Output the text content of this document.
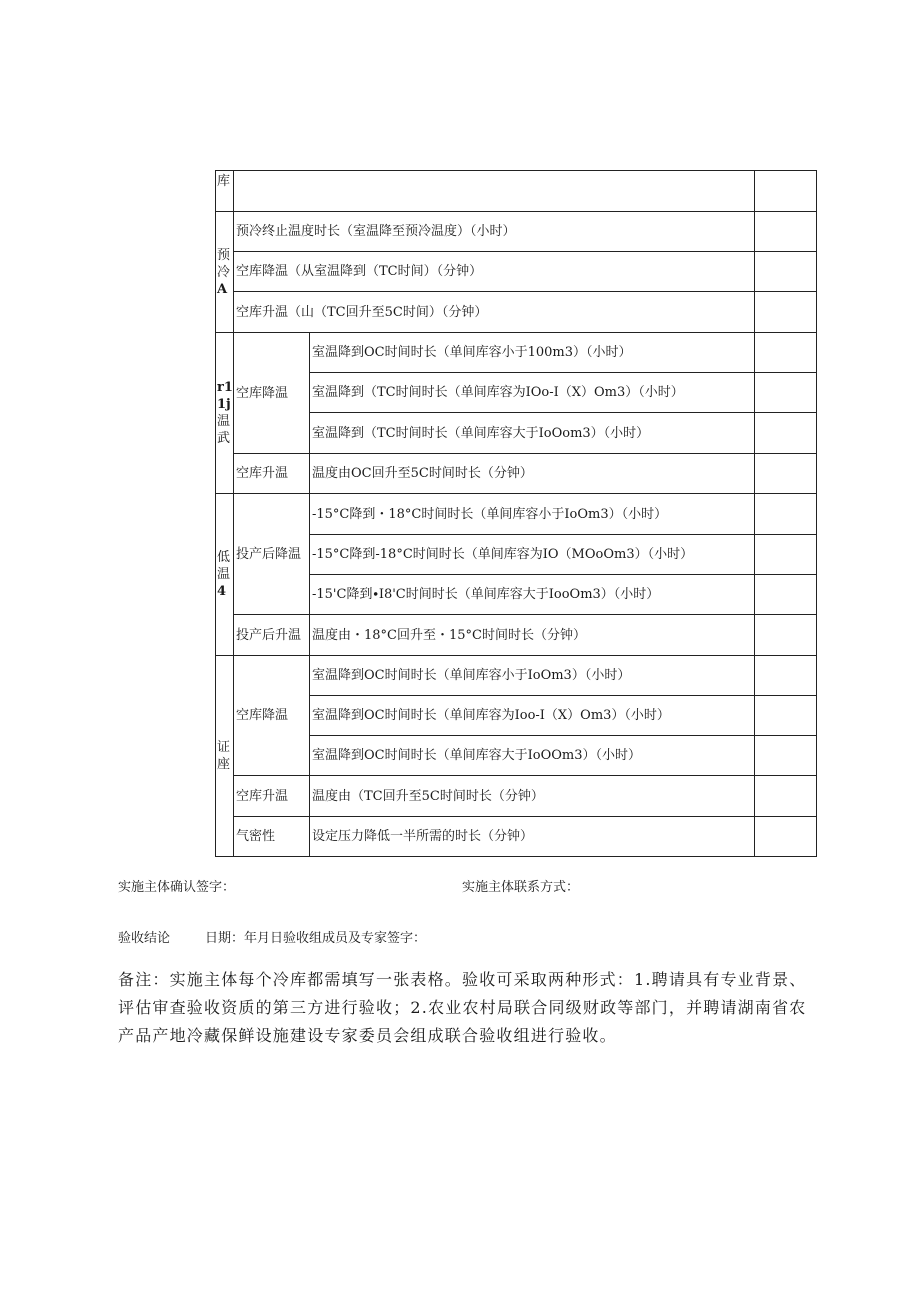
库			

预
冷
A	预冷终止温度时长（室温降至预冷温度）（小时）		
	空库降温（从室温降到（TC时间）（分钟）		
	空库升温（山（TC回升至5C时间）（分钟）		

r1
1j
温
武	空库降温	室温降到OC时间时长（单间库容小于100m3）（小时）	
		室温降到（TC时间时长（单间库容为IOo-I（X）Om3）（小时）	
		室温降到（TC时间时长（单间库容大于IoOom3）（小时）	
	空库升温	温度由OC回升至5C时间时长（分钟）	

低
温
4	投产后降温	-15°C降到・18°C时间时长（单间库容小于IoOm3）（小时）	
		-15°C降到-18°C时间时长（单间库容为IO（MOoOm3）（小时）	
		-15'C降到∙I8'C时间时长（单间库容大于IooOm3）（小时）	
	投产后升温	温度由・18°C回升至・15°C时间时长（分钟）	

证
座	空库降温	室温降到OC时间时长（单间库容小于IoOm3）（小时）	
		室温降到OC时间时长（单间库容为Ioo-I（X）Om3）（小时）	
		室温降到OC时间时长（单间库容大于IoOOm3）（小时）	
	空库升温	温度由（TC回升至5C时间时长（分钟）	
	气密性	设定压力降低一半所需的时长（分钟）	
实施主体确认签字：	实施主体联系方式：
验收结论	日期：年月日验收组成员及专家签字：
备注：实施主体每个冷库都需填写一张表格。验收可采取两种形式：1.聘请具有专业背景、评估审查验收资质的第三方进行验收；2.农业农村局联合同级财政等部门，并聘请湖南省农产品产地冷藏保鲜设施建设专家委员会组成联合验收组进行验收。
